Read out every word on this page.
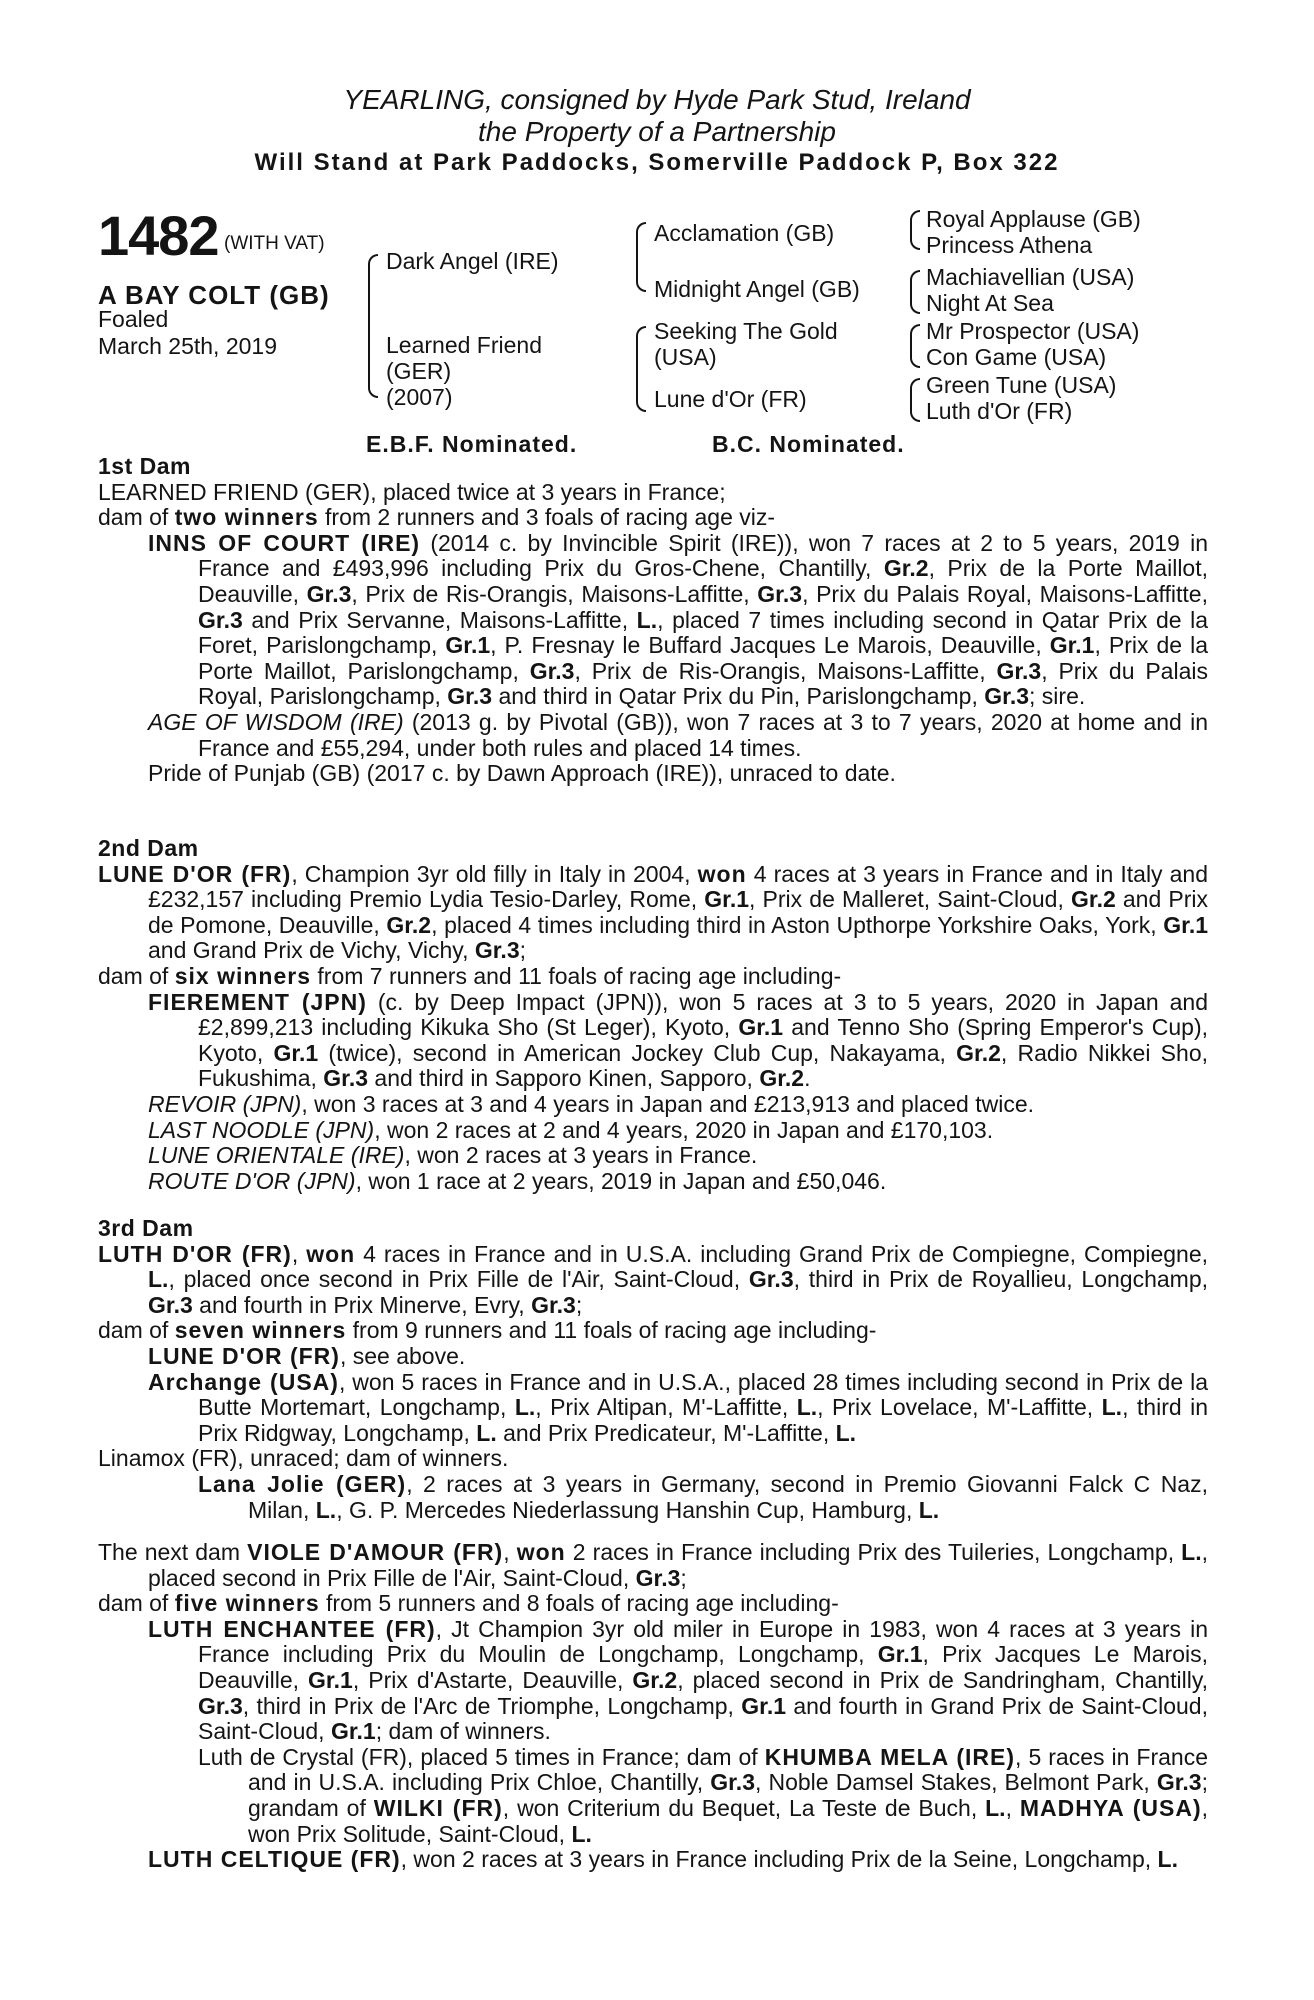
YEARLING, consigned by Hyde Park Stud, Ireland
the Property of a Partnership
Will Stand at Park Paddocks, Somerville Paddock P, Box 322
1482 (WITH VAT)
A BAY COLT (GB)
Foaled
March 25th, 2019
Dark Angel (IRE)
Learned Friend
(GER)
(2007)
Acclamation (GB)
Midnight Angel (GB)
Seeking The Gold
(USA)
Lune d'Or (FR)
Royal Applause (GB)
Princess Athena
Machiavellian (USA)
Night At Sea
Mr Prospector (USA)
Con Game (USA)
Green Tune (USA)
Luth d'Or (FR)
E.B.F. Nominated.	B.C. Nominated.
1st Dam
LEARNED FRIEND (GER), placed twice at 3 years in France;
dam of two winners from 2 runners and 3 foals of racing age viz-
INNS OF COURT (IRE) (2014 c. by Invincible Spirit (IRE)), won 7 races at 2 to 5 years, 2019 in France and £493,996 including Prix du Gros-Chene, Chantilly, Gr.2, Prix de la Porte Maillot, Deauville, Gr.3, Prix de Ris-Orangis, Maisons-Laffitte, Gr.3, Prix du Palais Royal, Maisons-Laffitte, Gr.3 and Prix Servanne, Maisons-Laffitte, L., placed 7 times including second in Qatar Prix de la Foret, Parislongchamp, Gr.1, P. Fresnay le Buffard Jacques Le Marois, Deauville, Gr.1, Prix de la Porte Maillot, Parislongchamp, Gr.3, Prix de Ris-Orangis, Maisons-Laffitte, Gr.3, Prix du Palais Royal, Parislongchamp, Gr.3 and third in Qatar Prix du Pin, Parislongchamp, Gr.3; sire.
AGE OF WISDOM (IRE) (2013 g. by Pivotal (GB)), won 7 races at 3 to 7 years, 2020 at home and in France and £55,294, under both rules and placed 14 times.
Pride of Punjab (GB) (2017 c. by Dawn Approach (IRE)), unraced to date.
2nd Dam
LUNE D'OR (FR), Champion 3yr old filly in Italy in 2004, won 4 races at 3 years in France and in Italy and £232,157 including Premio Lydia Tesio-Darley, Rome, Gr.1, Prix de Malleret, Saint-Cloud, Gr.2 and Prix de Pomone, Deauville, Gr.2, placed 4 times including third in Aston Upthorpe Yorkshire Oaks, York, Gr.1 and Grand Prix de Vichy, Vichy, Gr.3;
dam of six winners from 7 runners and 11 foals of racing age including-
FIEREMENT (JPN) (c. by Deep Impact (JPN)), won 5 races at 3 to 5 years, 2020 in Japan and £2,899,213 including Kikuka Sho (St Leger), Kyoto, Gr.1 and Tenno Sho (Spring Emperor's Cup), Kyoto, Gr.1 (twice), second in American Jockey Club Cup, Nakayama, Gr.2, Radio Nikkei Sho, Fukushima, Gr.3 and third in Sapporo Kinen, Sapporo, Gr.2.
REVOIR (JPN), won 3 races at 3 and 4 years in Japan and £213,913 and placed twice.
LAST NOODLE (JPN), won 2 races at 2 and 4 years, 2020 in Japan and £170,103.
LUNE ORIENTALE (IRE), won 2 races at 3 years in France.
ROUTE D'OR (JPN), won 1 race at 2 years, 2019 in Japan and £50,046.
3rd Dam
LUTH D'OR (FR), won 4 races in France and in U.S.A. including Grand Prix de Compiegne, Compiegne, L., placed once second in Prix Fille de l'Air, Saint-Cloud, Gr.3, third in Prix de Royallieu, Longchamp, Gr.3 and fourth in Prix Minerve, Evry, Gr.3;
dam of seven winners from 9 runners and 11 foals of racing age including-
LUNE D'OR (FR), see above.
Archange (USA), won 5 races in France and in U.S.A., placed 28 times including second in Prix de la Butte Mortemart, Longchamp, L., Prix Altipan, M'-Laffitte, L., Prix Lovelace, M'-Laffitte, L., third in Prix Ridgway, Longchamp, L. and Prix Predicateur, M'-Laffitte, L.
Linamox (FR), unraced; dam of winners.
Lana Jolie (GER), 2 races at 3 years in Germany, second in Premio Giovanni Falck C Naz, Milan, L., G. P. Mercedes Niederlassung Hanshin Cup, Hamburg, L.
The next dam VIOLE D'AMOUR (FR), won 2 races in France including Prix des Tuileries, Longchamp, L., placed second in Prix Fille de l'Air, Saint-Cloud, Gr.3;
dam of five winners from 5 runners and 8 foals of racing age including-
LUTH ENCHANTEE (FR), Jt Champion 3yr old miler in Europe in 1983, won 4 races at 3 years in France including Prix du Moulin de Longchamp, Longchamp, Gr.1, Prix Jacques Le Marois, Deauville, Gr.1, Prix d'Astarte, Deauville, Gr.2, placed second in Prix de Sandringham, Chantilly, Gr.3, third in Prix de l'Arc de Triomphe, Longchamp, Gr.1 and fourth in Grand Prix de Saint-Cloud, Saint-Cloud, Gr.1; dam of winners.
Luth de Crystal (FR), placed 5 times in France; dam of KHUMBA MELA (IRE), 5 races in France and in U.S.A. including Prix Chloe, Chantilly, Gr.3, Noble Damsel Stakes, Belmont Park, Gr.3; grandam of WILKI (FR), won Criterium du Bequet, La Teste de Buch, L., MADHYA (USA), won Prix Solitude, Saint-Cloud, L.
LUTH CELTIQUE (FR), won 2 races at 3 years in France including Prix de la Seine, Longchamp, L.
